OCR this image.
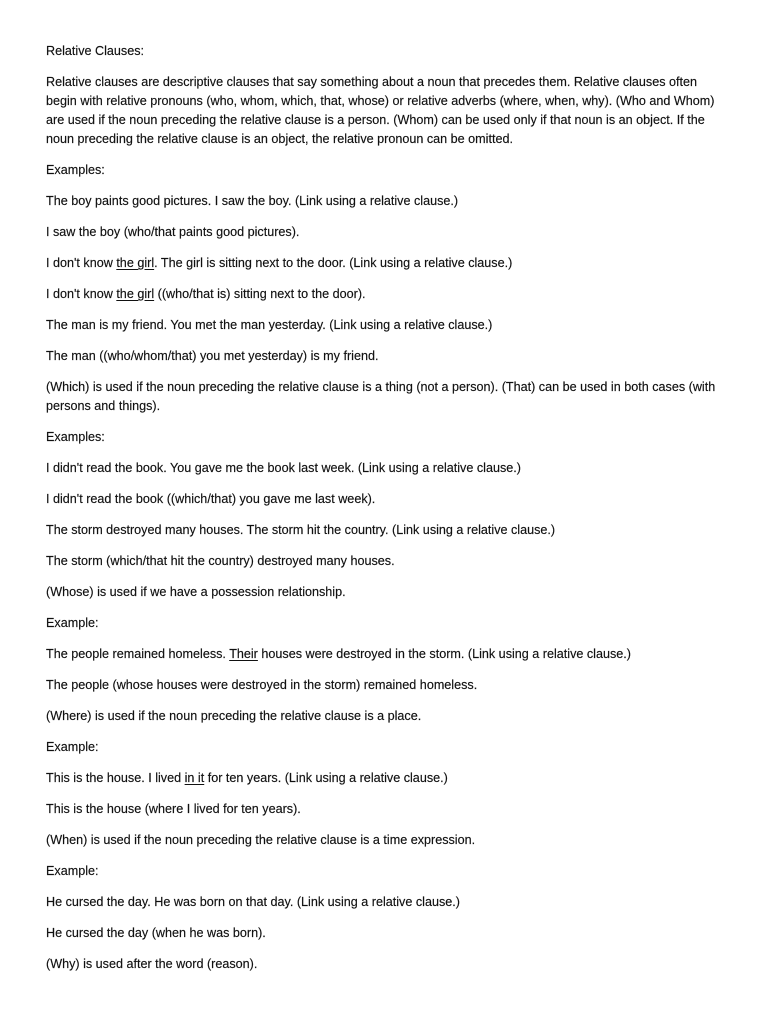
Relative Clauses:

Relative clauses are descriptive clauses that say something about a noun that precedes them. Relative clauses often begin with relative pronouns (who, whom, which, that, whose) or relative adverbs (where, when, why). (Who and Whom) are used if the noun preceding the relative clause is a person. (Whom) can be used only if that noun is an object. If the noun preceding the relative clause is an object, the relative pronoun can be omitted.

Examples:

The boy paints good pictures. I saw the boy. (Link using a relative clause.)

I saw the boy (who/that paints good pictures).

I don't know the girl. The girl is sitting next to the door. (Link using a relative clause.)

I don't know the girl ((who/that is) sitting next to the door).

The man is my friend. You met the man yesterday. (Link using a relative clause.)

The man ((who/whom/that) you met yesterday) is my friend.

(Which) is used if the noun preceding the relative clause is a thing (not a person). (That) can be used in both cases (with persons and things).

Examples:

I didn't read the book. You gave me the book last week. (Link using a relative clause.)

I didn't read the book ((which/that) you gave me last week).

The storm destroyed many houses. The storm hit the country. (Link using a relative clause.)

The storm (which/that hit the country) destroyed many houses.

(Whose) is used if we have a possession relationship.

Example:

The people remained homeless. Their houses were destroyed in the storm. (Link using a relative clause.)

The people (whose houses were destroyed in the storm) remained homeless.

(Where) is used if the noun preceding the relative clause is a place.

Example:

This is the house. I lived in it for ten years. (Link using a relative clause.)

This is the house (where I lived for ten years).

(When) is used if the noun preceding the relative clause is a time expression.

Example:

He cursed the day. He was born on that day. (Link using a relative clause.)

He cursed the day (when he was born).

(Why) is used after the word (reason).
